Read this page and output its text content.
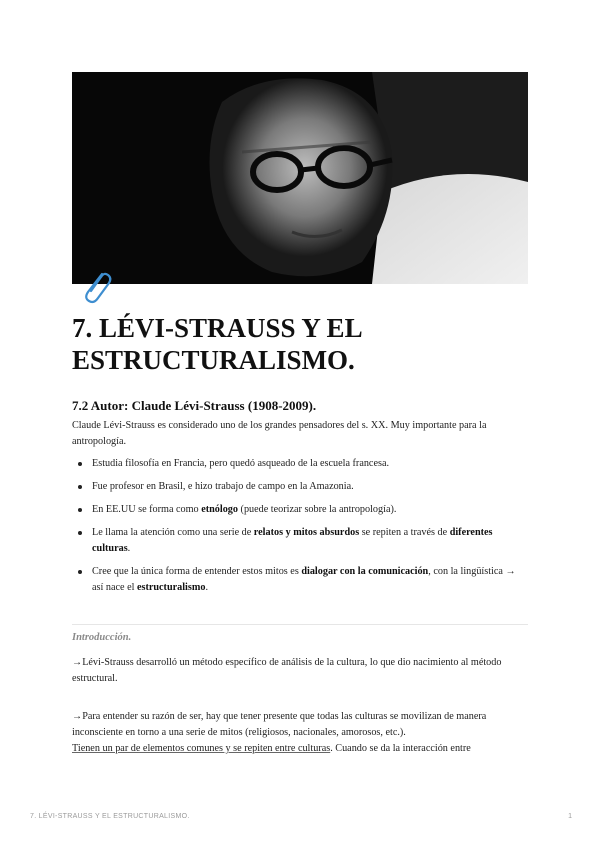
7. LÉVI-STRAUSS Y EL
ESTRUCTURALISMO.
7.2 Autor: Claude Lévi-Strauss (1908-2009).

Claude Lévi-Strauss es considerado uno de los grandes pensadores del s. XX. Muy importante para la antropología.

Estudia filosofía en Francia, pero quedó asqueado de la escuela francesa.
Fue profesor en Brasil, e hizo trabajo de campo en la Amazonia.
En EE.UU se forma como etnólogo (puede teorizar sobre la antropología).
Le llama la atención como una serie de relatos y mitos absurdos se repiten a través de diferentes culturas.
Cree que la única forma de entender estos mitos es dialogar con la comunicación, con la lingüística → así nace el estructuralismo.

Introducción.

→Lévi-Strauss desarrolló un método específico de análisis de la cultura, lo que dio nacimiento al método estructural.

→Para entender su razón de ser, hay que tener presente que todas las culturas se movilizan de manera inconsciente en torno a una serie de mitos (religiosos, nacionales, amorosos, etc.).
Tienen un par de elementos comunes y se repiten entre culturas. Cuando se da la interacción entre

7. LÉVI-STRAUSS Y EL ESTRUCTURALISMO.	1
